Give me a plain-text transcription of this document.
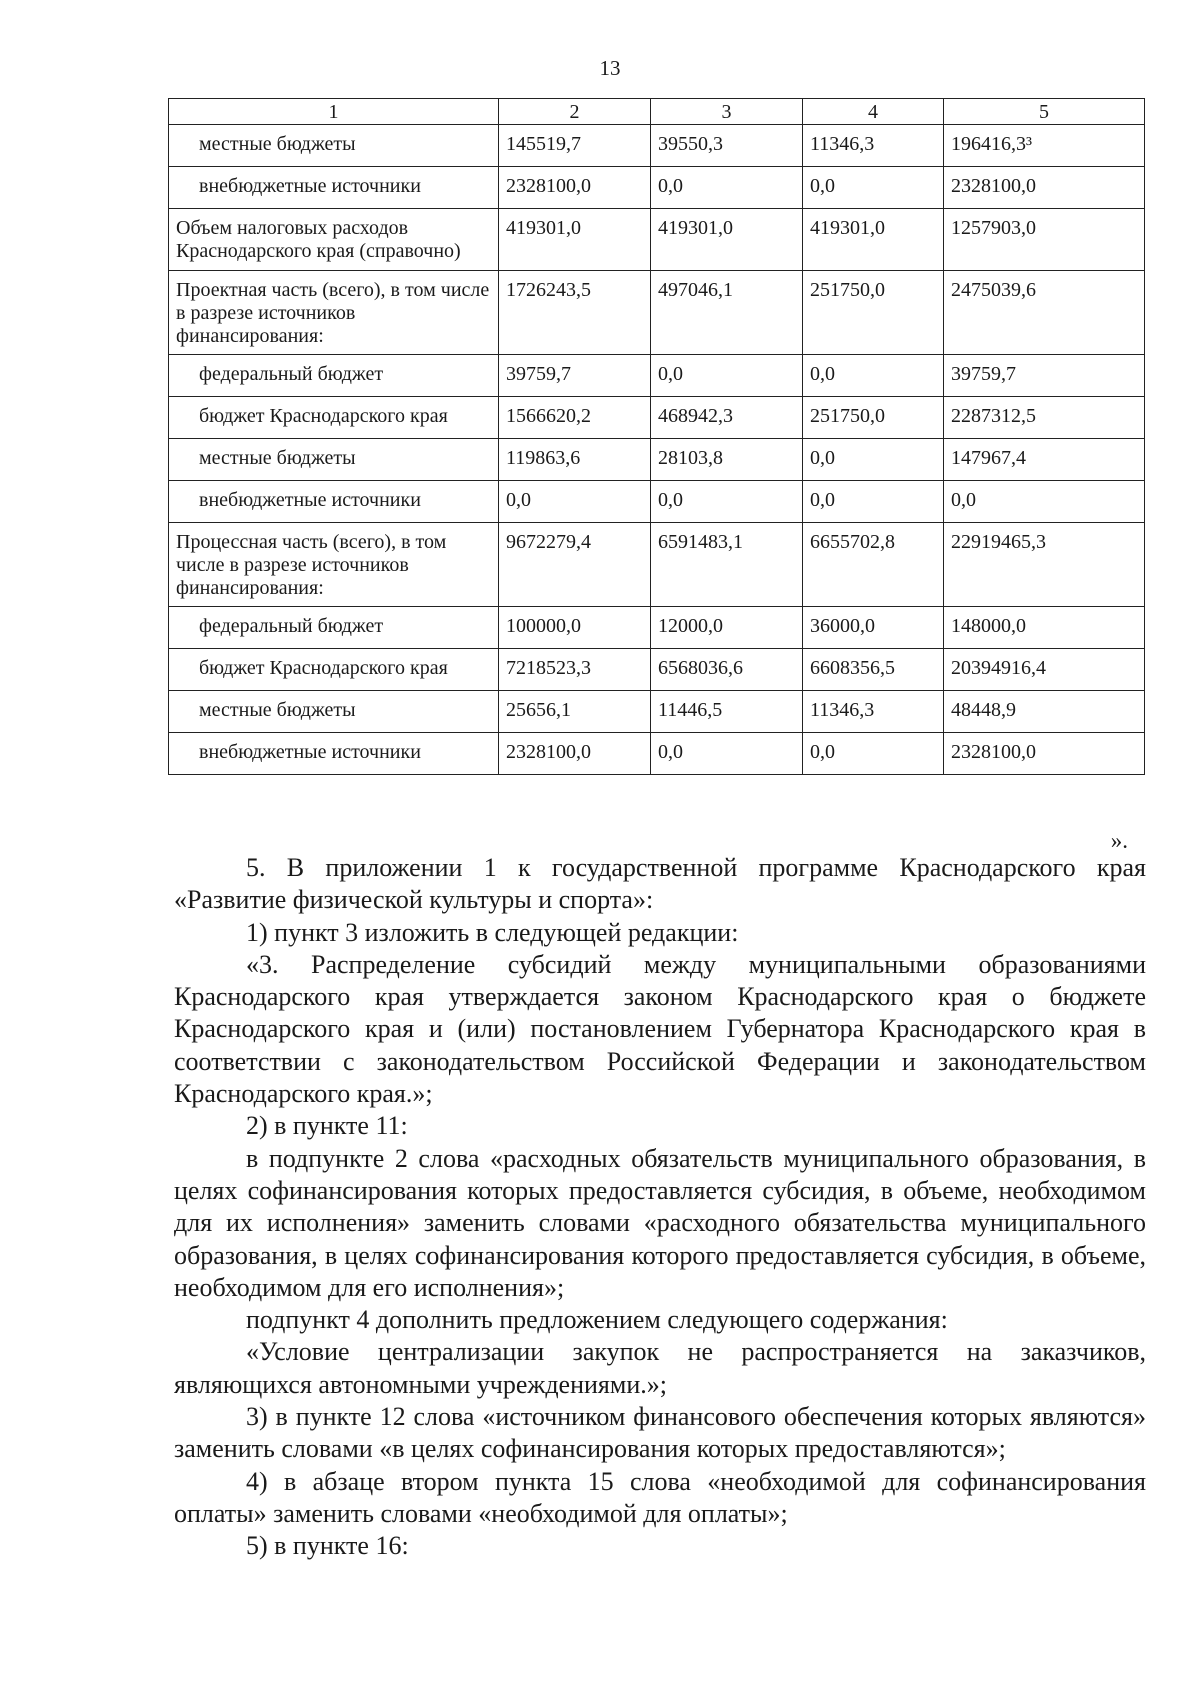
13
1	2	3	4	5
местные бюджеты	145519,7	39550,3	11346,3	196416,3³
внебюджетные источники	2328100,0	0,0	0,0	2328100,0
Объем налоговых расходов Краснодарского края (справочно)	419301,0	419301,0	419301,0	1257903,0
Проектная часть (всего), в том числе в разрезе источников финансирования:	1726243,5	497046,1	251750,0	2475039,6
федеральный бюджет	39759,7	0,0	0,0	39759,7
бюджет Краснодарского края	1566620,2	468942,3	251750,0	2287312,5
местные бюджеты	119863,6	28103,8	0,0	147967,4
внебюджетные источники	0,0	0,0	0,0	0,0
Процессная часть (всего), в том числе в разрезе источников финансирования:	9672279,4	6591483,1	6655702,8	22919465,3
федеральный бюджет	100000,0	12000,0	36000,0	148000,0
бюджет Краснодарского края	7218523,3	6568036,6	6608356,5	20394916,4
местные бюджеты	25656,1	11446,5	11346,3	48448,9
внебюджетные источники	2328100,0	0,0	0,0	2328100,0
».

5. В приложении 1 к государственной программе Краснодарского края «Развитие физической культуры и спорта»:

1) пункт 3 изложить в следующей редакции:

«3. Распределение субсидий между муниципальными образованиями Краснодарского края утверждается законом Краснодарского края о бюджете Краснодарского края и (или) постановлением Губернатора Краснодарского края в соответствии с законодательством Российской Федерации и законодательством Краснодарского края.»;

2) в пункте 11:

в подпункте 2 слова «расходных обязательств муниципального образования, в целях софинансирования которых предоставляется субсидия, в объеме, необходимом для их исполнения» заменить словами «расходного обязательства муниципального образования, в целях софинансирования которого предоставляется субсидия, в объеме, необходимом для его исполнения»;

подпункт 4 дополнить предложением следующего содержания:

«Условие централизации закупок не распространяется на заказчиков, являющихся автономными учреждениями.»;

3) в пункте 12 слова «источником финансового обеспечения которых являются» заменить словами «в целях софинансирования которых предоставляются»;

4) в абзаце втором пункта 15 слова «необходимой для софинансирования оплаты» заменить словами «необходимой для оплаты»;

5) в пункте 16:
